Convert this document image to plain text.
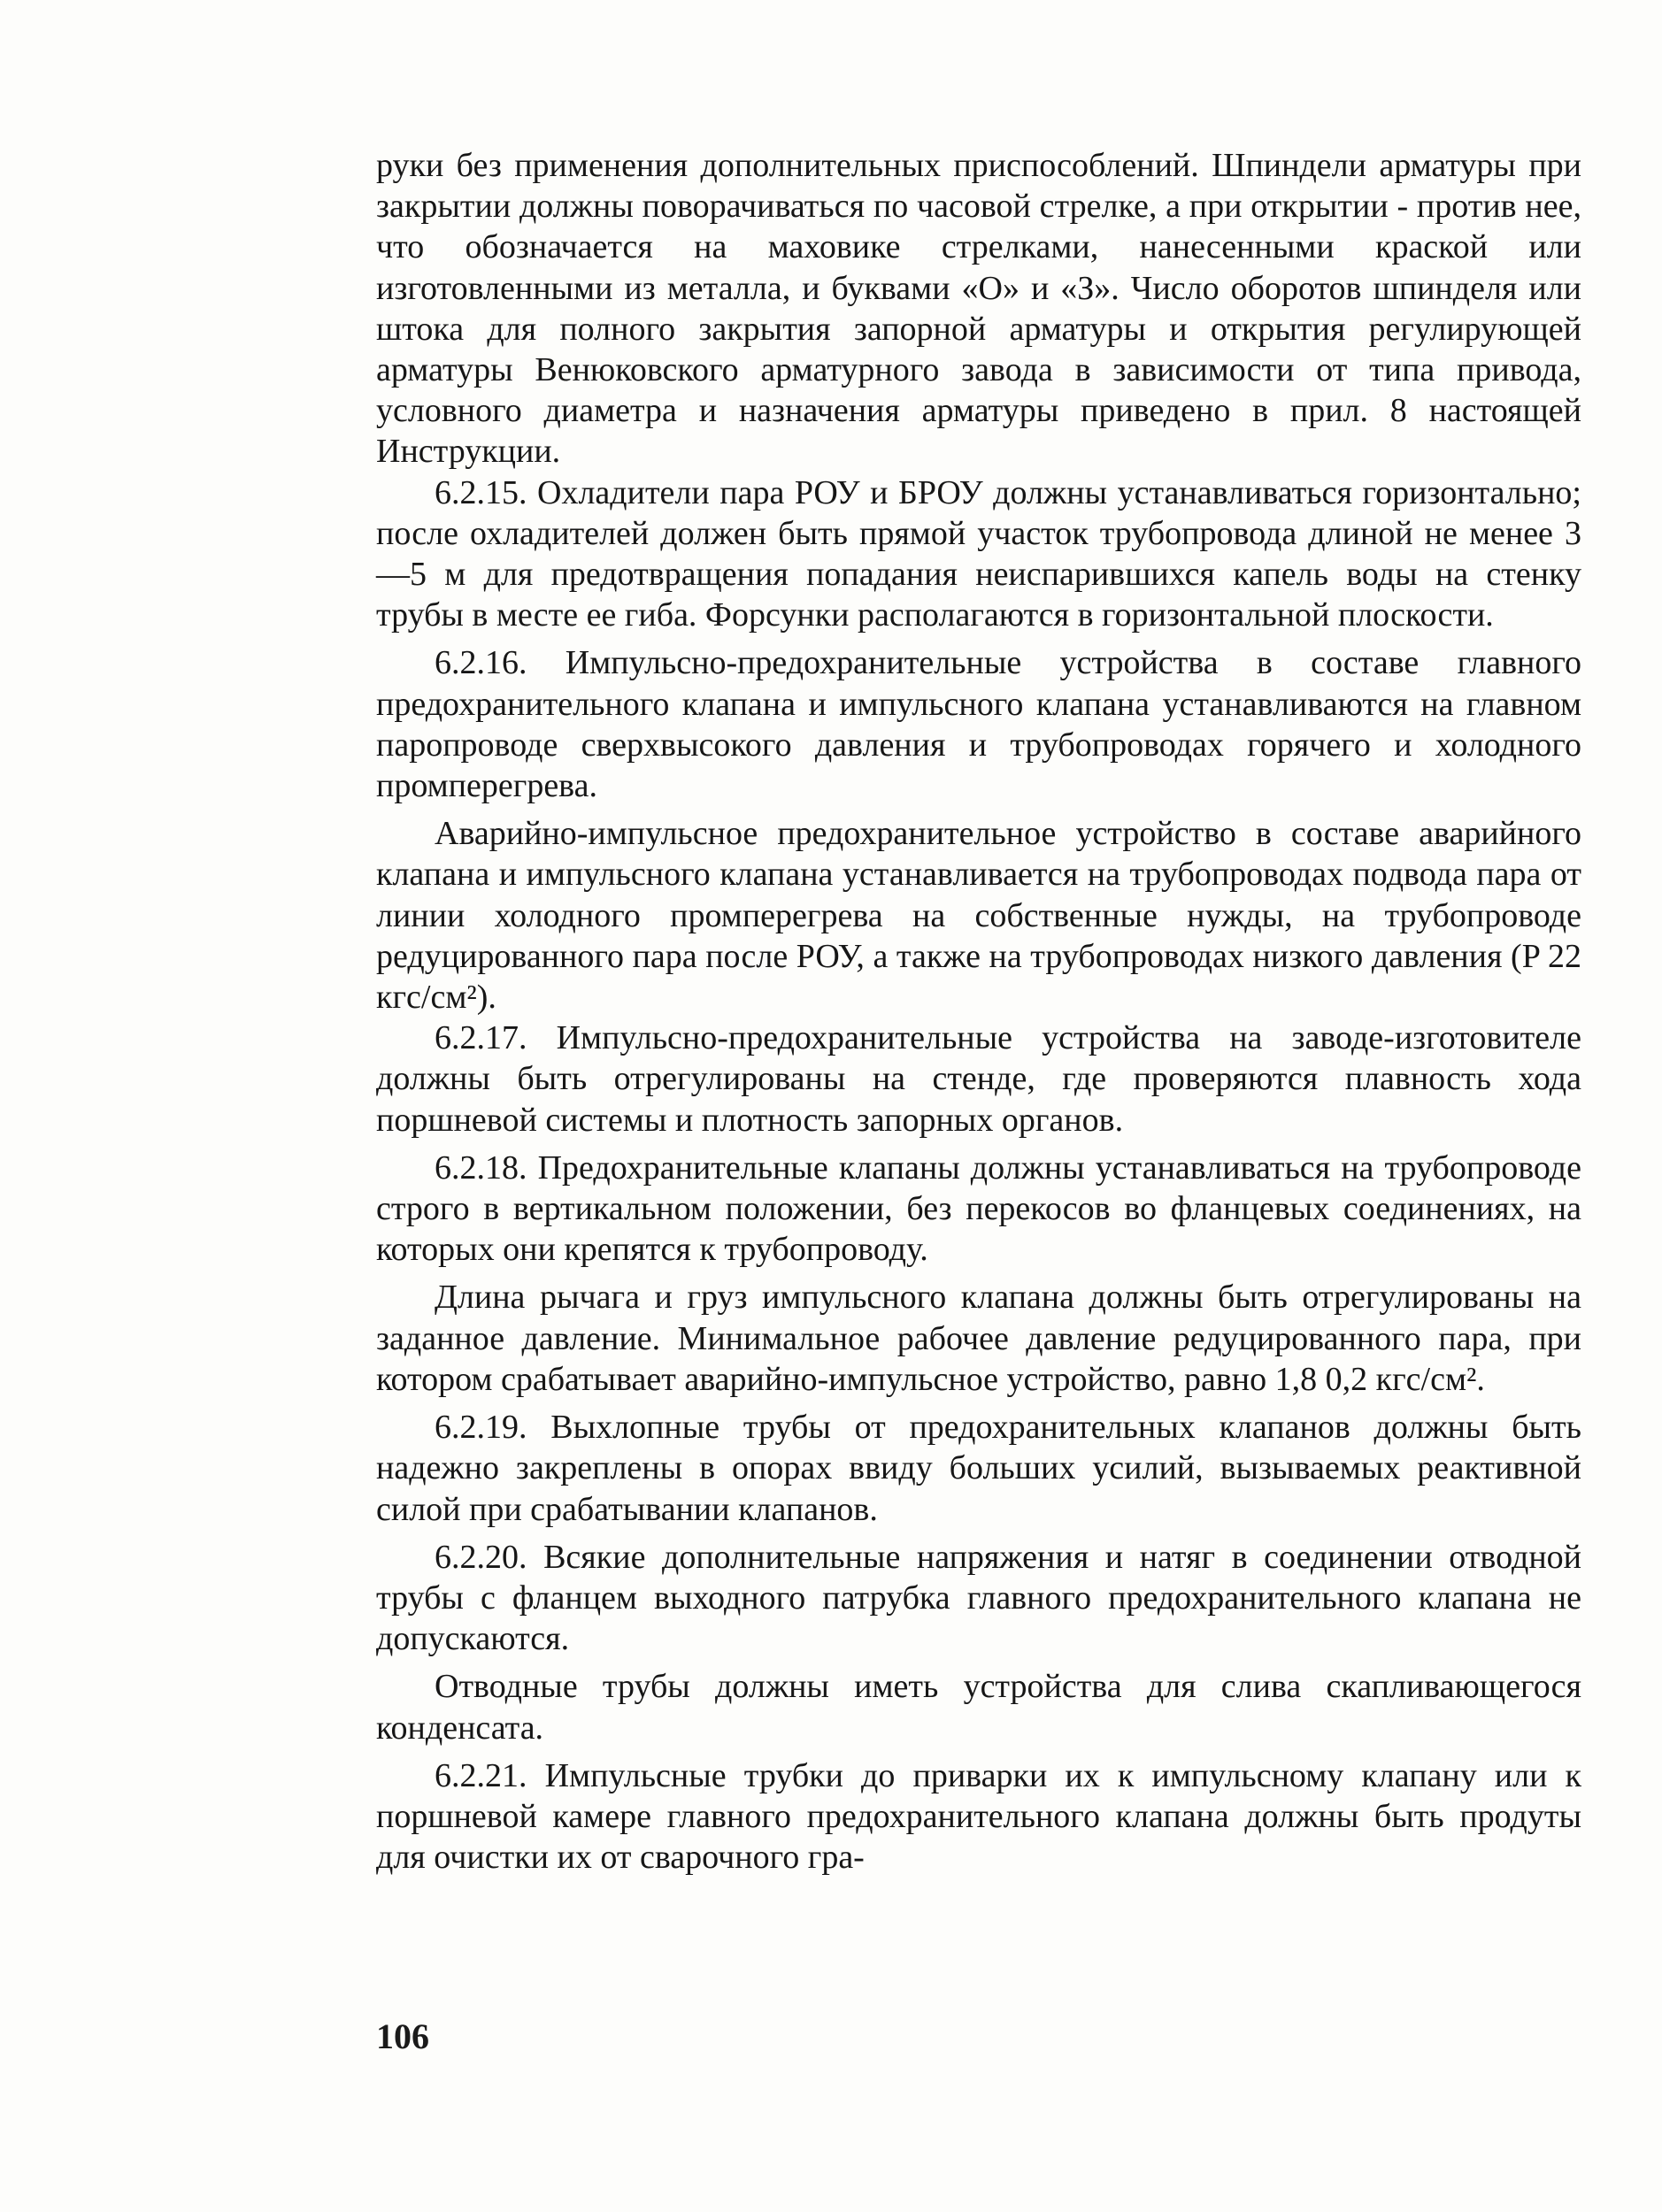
руки без применения дополнительных приспособлений. Шпиндели арматуры при закрытии должны поворачиваться по часовой стрелке, а при открытии - против нее, что обозначается на маховике стрелками, нанесенными краской или изготовленными из металла, и буквами «О» и «З». Число оборотов шпинделя или штока для полного закрытия запорной арматуры и открытия регулирующей арматуры Венюковского арматурного завода в зависимости от типа привода, условного диаметра и назначения арматуры приведено в прил. 8 настоящей Инструкции.

6.2.15. Охладители пара РОУ и БРОУ должны устанавливаться горизонтально; после охладителей должен быть прямой участок трубопровода длиной не менее 3—5 м для предотвращения попадания неиспарившихся капель воды на стенку трубы в месте ее гиба. Форсунки располагаются в горизонтальной плоскости.

6.2.16. Импульсно-предохранительные устройства в составе главного предохранительного клапана и импульсного клапана устанавливаются на главном паропроводе сверхвысокого давления и трубопроводах горячего и холодного промперегрева.

Аварийно-импульсное предохранительное устройство в составе аварийного клапана и импульсного клапана устанавливается на трубопроводах подвода пара от линии холодного промперегрева на собственные нужды, на трубопроводе редуцированного пара после РОУ, а также на трубопроводах низкого давления (P 22 кгс/см²).

6.2.17. Импульсно-предохранительные устройства на заводе-изготовителе должны быть отрегулированы на стенде, где проверяются плавность хода поршневой системы и плотность запорных органов.

6.2.18. Предохранительные клапаны должны устанавливаться на трубопроводе строго в вертикальном положении, без перекосов во фланцевых соединениях, на которых они крепятся к трубопроводу.

Длина рычага и груз импульсного клапана должны быть отрегулированы на заданное давление. Минимальное рабочее давление редуцированного пара, при котором срабатывает аварийно-импульсное устройство, равно 1,8 0,2 кгс/см².

6.2.19. Выхлопные трубы от предохранительных клапанов должны быть надежно закреплены в опорах ввиду больших усилий, вызываемых реактивной силой при срабатывании клапанов.

6.2.20. Всякие дополнительные напряжения и натяг в соединении отводной трубы с фланцем выходного патрубка главного предохранительного клапана не допускаются.

Отводные трубы должны иметь устройства для слива скапливающегося конденсата.

6.2.21. Импульсные трубки до приварки их к импульсному клапану или к поршневой камере главного предохранительного клапана должны быть продуты для очистки их от сварочного гра-

106
